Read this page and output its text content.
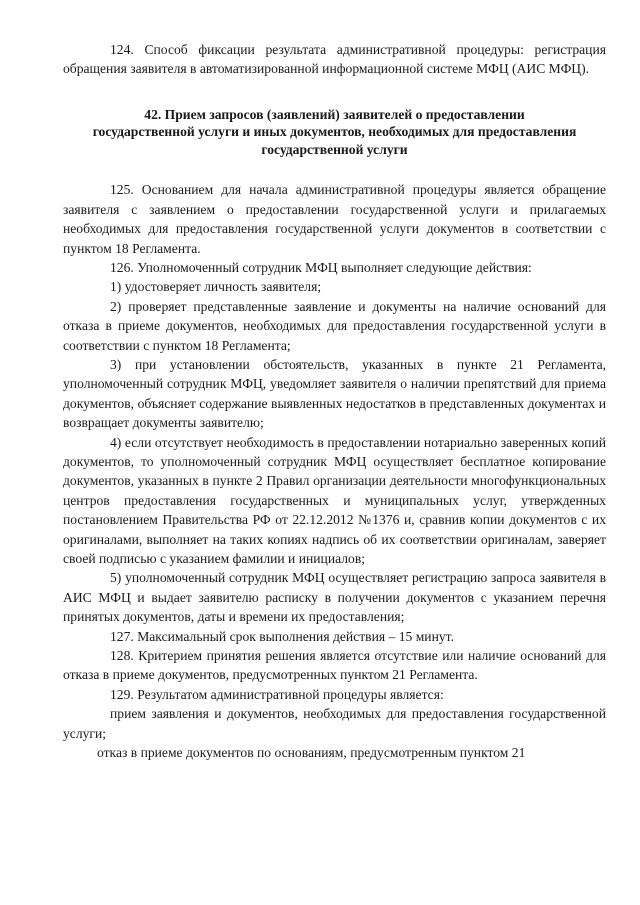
124. Способ фиксации результата административной процедуры: регистрация обращения заявителя в автоматизированной информационной системе МФЦ (АИС МФЦ).

42. Прием запросов (заявлений) заявителей о предоставлении
государственной услуги и иных документов, необходимых для предоставления
государственной услуги

125. Основанием для начала административной процедуры является обращение заявителя с заявлением о предоставлении государственной услуги и прилагаемых необходимых для предоставления государственной услуги документов в соответствии с пунктом 18 Регламента.

126. Уполномоченный сотрудник МФЦ выполняет следующие действия:

1) удостоверяет личность заявителя;

2) проверяет представленные заявление и документы на наличие оснований для отказа в приеме документов, необходимых для предоставления государственной услуги в соответствии с пунктом 18 Регламента;

3) при установлении обстоятельств, указанных в пункте 21 Регламента, уполномоченный сотрудник МФЦ, уведомляет заявителя о наличии препятствий для приема документов, объясняет содержание выявленных недостатков в представленных документах и возвращает документы заявителю;

4) если отсутствует необходимость в предоставлении нотариально заверенных копий документов, то уполномоченный сотрудник МФЦ осуществляет бесплатное копирование документов, указанных в пункте 2 Правил организации деятельности многофункциональных центров предоставления государственных и муниципальных услуг, утвержденных постановлением Правительства РФ от 22.12.2012 №1376 и, сравнив копии документов с их оригиналами, выполняет на таких копиях надпись об их соответствии оригиналам, заверяет своей подписью с указанием фамилии и инициалов;

5) уполномоченный сотрудник МФЦ осуществляет регистрацию запроса заявителя в АИС МФЦ и выдает заявителю расписку в получении документов с указанием перечня принятых документов, даты и времени их предоставления;

127. Максимальный срок выполнения действия – 15 минут.

128. Критерием принятия решения является отсутствие или наличие оснований для отказа в приеме документов, предусмотренных пунктом 21 Регламента.

129. Результатом административной процедуры является:

прием заявления и документов, необходимых для предоставления государственной услуги;

отказ в приеме документов по основаниям, предусмотренным пунктом 21
